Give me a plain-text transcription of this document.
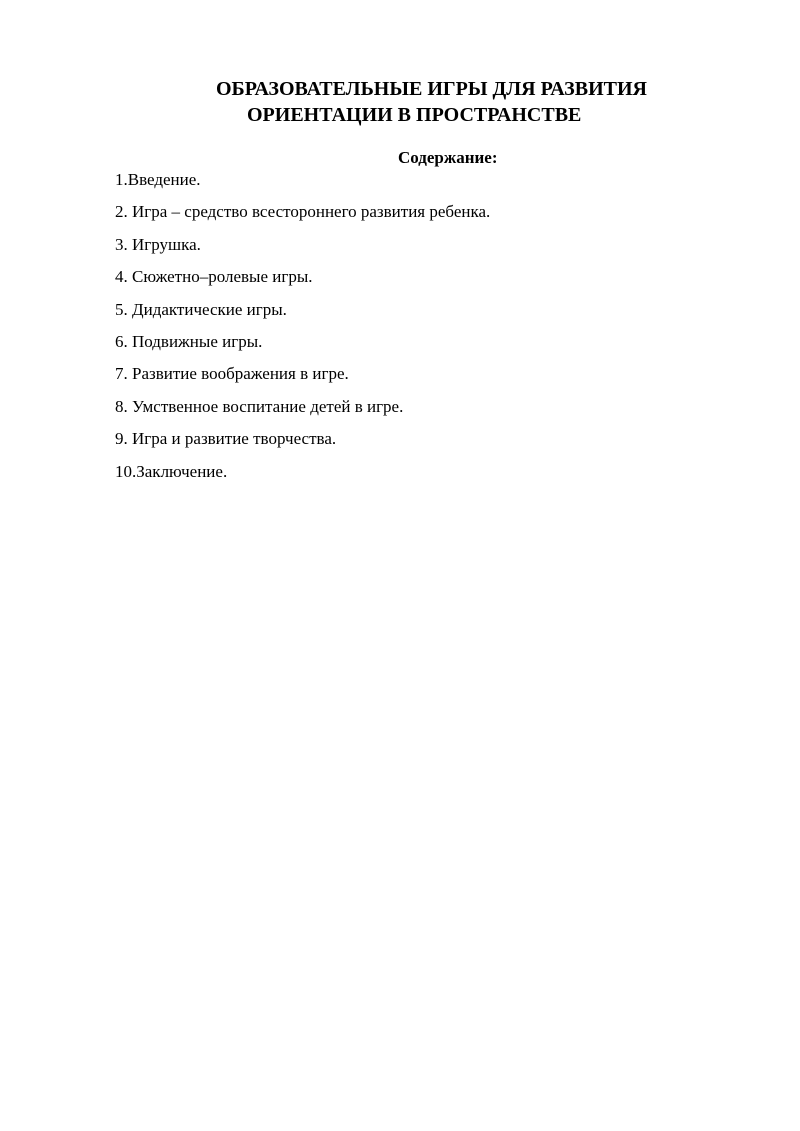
ОБРАЗОВАТЕЛЬНЫЕ ИГРЫ ДЛЯ РАЗВИТИЯ
ОРИЕНТАЦИИ В ПРОСТРАНСТВЕ
Содержание:
1.Введение.
2. Игра – средство всестороннего развития ребенка.
3. Игрушка.
4. Сюжетно–ролевые игры.
5. Дидактические игры.
6. Подвижные игры.
7. Развитие воображения в игре.
8. Умственное воспитание детей в игре.
9. Игра и развитие творчества.
10.Заключение.
